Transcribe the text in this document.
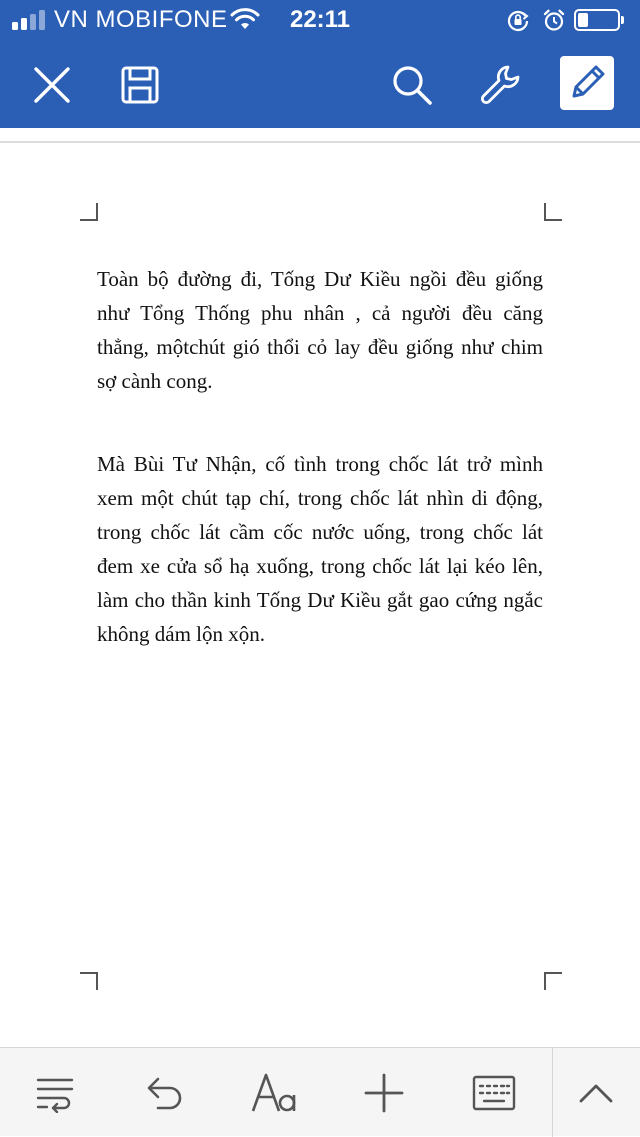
VN MOBIFONE	22:11

Toàn bộ đường đi, Tống Dư Kiều ngồi đều giống như Tổng Thống phu nhân , cả người đều căng thẳng, mộtchút gió thổi cỏ lay đều giống như chim sợ cành cong.

Mà Bùi Tư Nhận, cố tình trong chốc lát trở mình xem một chút tạp chí, trong chốc lát nhìn di động, trong chốc lát cầm cốc nước uống, trong chốc lát đem xe cửa sổ hạ xuống, trong chốc lát lại kéo lên, làm cho thần kinh Tống Dư Kiều gắt gao cứng ngắc không dám lộn xộn.
